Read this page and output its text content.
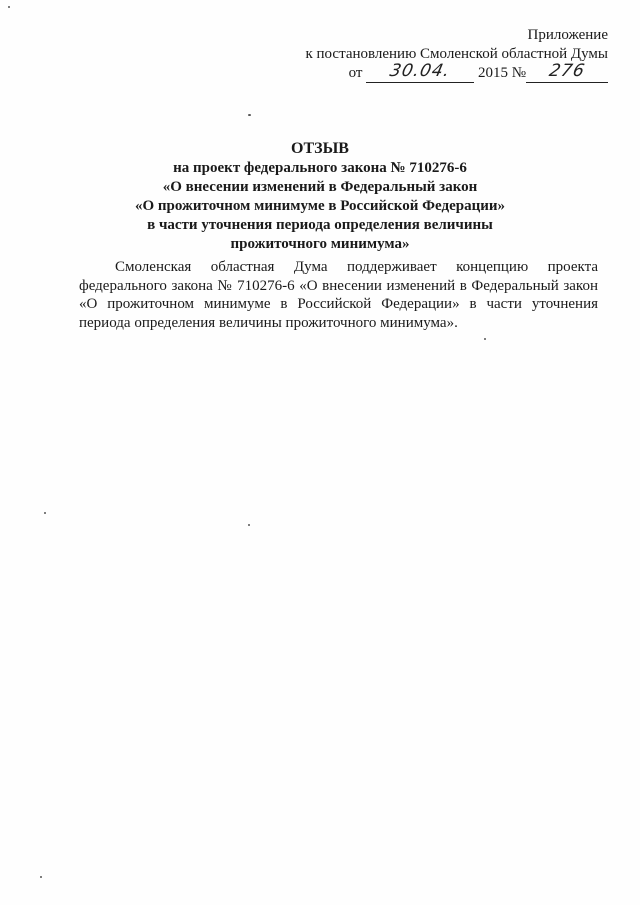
Приложение
к постановлению Смоленской областной Думы
от 30.04. 2015 № 276
ОТЗЫВ
на проект федерального закона № 710276-6
«О внесении изменений в Федеральный закон
«О прожиточном минимуме в Российской Федерации»
в части уточнения периода определения величины
прожиточного минимума»
Смоленская областная Дума поддерживает концепцию проекта федерального закона № 710276-6 «О внесении изменений в Федеральный закон «О прожиточном минимуме в Российской Федерации» в части уточнения периода определения величины прожиточного минимума».
